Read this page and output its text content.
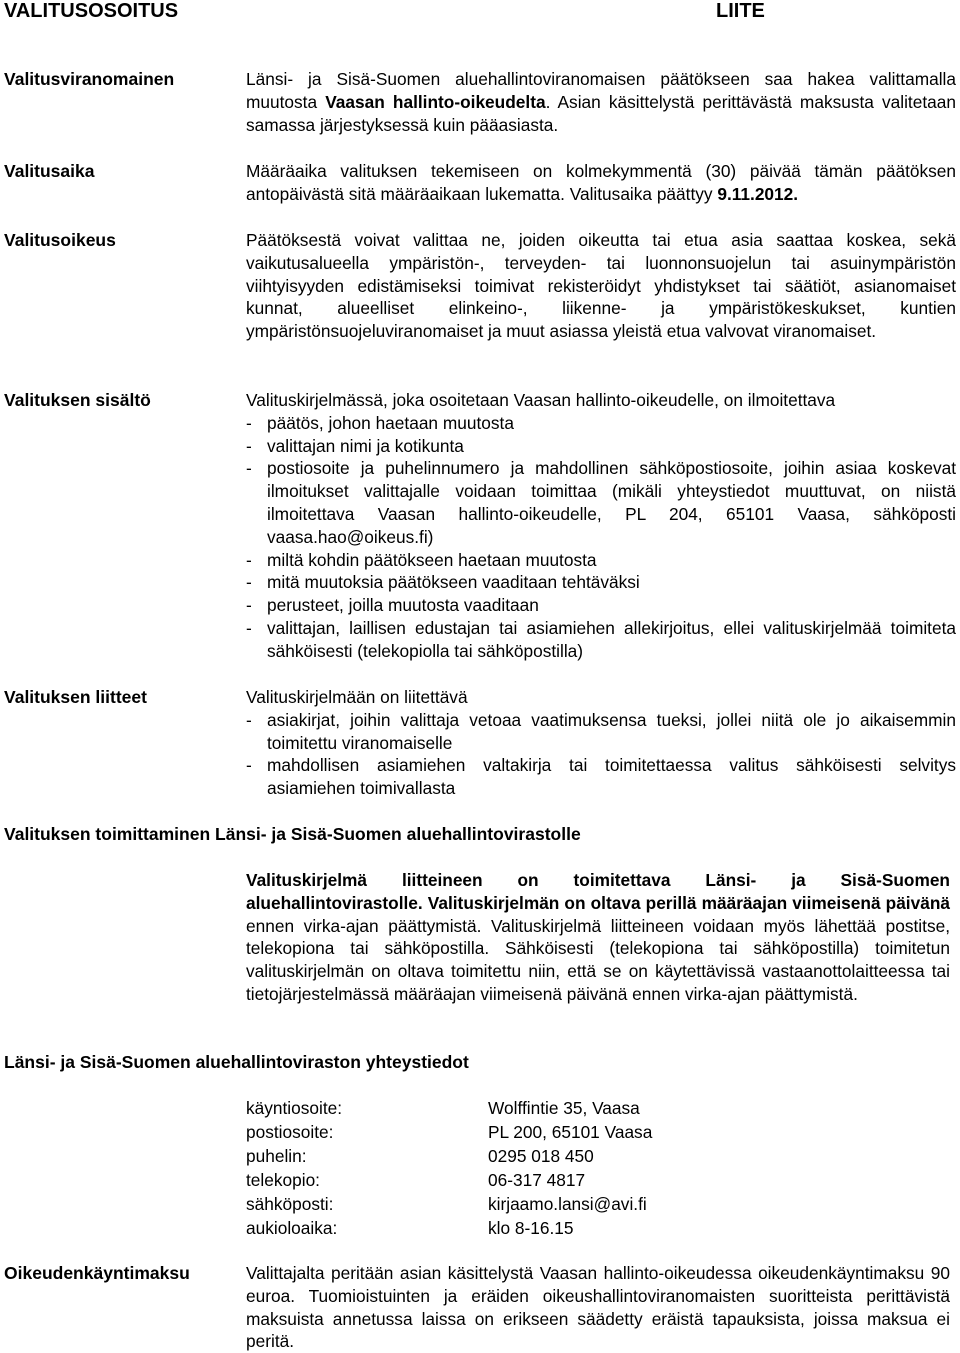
VALITUSOSOITUS	LIITE
Valitusviranomainen	Länsi- ja Sisä-Suomen aluehallintoviranomaisen päätökseen saa hakea valittamalla muutosta Vaasan hallinto-oikeudelta. Asian käsittelystä perittävästä maksusta valitetaan samassa järjestyksessä kuin pääasiasta.
Valitusaika	Määräaika valituksen tekemiseen on kolmekymmentä (30) päivää tämän päätöksen antopäivästä sitä määräaikaan lukematta. Valitusaika päättyy 9.11.2012.
Valitusoikeus	Päätöksestä voivat valittaa ne, joiden oikeutta tai etua asia saattaa koskea, sekä vaikutusalueella ympäristön-, terveyden- tai luonnonsuojelun tai asuinympäristön viihtyisyyden edistämiseksi toimivat rekisteröidyt yhdistykset tai säätiöt, asianomaiset kunnat, alueelliset elinkeino-, liikenne- ja ympäristökeskukset, kuntien ympäristönsuojeluviranomaiset ja muut asiassa yleistä etua valvovat viranomaiset.
Valituksen sisältö	Valituskirjelmässä, joka osoitetaan Vaasan hallinto-oikeudelle, on ilmoitettava

- päätös, johon haetaan muutosta
- valittajan nimi ja kotikunta
- postiosoite ja puhelinnumero ja mahdollinen sähköpostiosoite, joihin asiaa koskevat ilmoitukset valittajalle voidaan toimittaa (mikäli yhteystiedot muuttuvat, on niistä ilmoitettava Vaasan hallinto-oikeudelle, PL 204, 65101 Vaasa, sähköposti vaasa.hao@oikeus.fi)
- miltä kohdin päätökseen haetaan muutosta
- mitä muutoksia päätökseen vaaditaan tehtäväksi
- perusteet, joilla muutosta vaaditaan
- valittajan, laillisen edustajan tai asiamiehen allekirjoitus, ellei valituskirjelmää toimiteta sähköisesti (telekopiolla tai sähköpostilla)
Valituksen liitteet	Valituskirjelmään on liitettävä

- asiakirjat, joihin valittaja vetoaa vaatimuksensa tueksi, jollei niitä ole jo aikaisemmin toimitettu viranomaiselle
- mahdollisen asiamiehen valtakirja tai toimitettaessa valitus sähköisesti selvitys asiamiehen toimivallasta
Valituksen toimittaminen Länsi- ja Sisä-Suomen aluehallintovirastolle
Valituskirjelmä liitteineen on toimitettava Länsi- ja Sisä-Suomen aluehallintovirastolle. Valituskirjelmän on oltava perillä määräajan viimeisenä päivänä ennen virka-ajan päättymistä. Valituskirjelmä liitteineen voidaan myös lähettää postitse, telekopiona tai sähköpostilla. Sähköisesti (telekopiona tai sähköpostilla) toimitetun valituskirjelmän on oltava toimitettu niin, että se on käytettävissä vastaanottolaitteessa tai tietojärjestelmässä määräajan viimeisenä päivänä ennen virka-ajan päättymistä.
Länsi- ja Sisä-Suomen aluehallintoviraston yhteystiedot
käyntiosoite:	Wolffintie 35, Vaasa
postiosoite:	PL 200, 65101 Vaasa
puhelin:	0295 018 450
telekopio:	06-317 4817
sähköposti:	kirjaamo.lansi@avi.fi
aukioloaika:	klo 8-16.15
Oikeudenkäyntimaksu	Valittajalta peritään asian käsittelystä Vaasan hallinto-oikeudessa oikeudenkäyntimaksu 90 euroa. Tuomioistuinten ja eräiden oikeushallintoviranomaisten suoritteista perittävistä maksuista annetussa laissa on erikseen säädetty eräistä tapauksista, joissa maksua ei peritä.
